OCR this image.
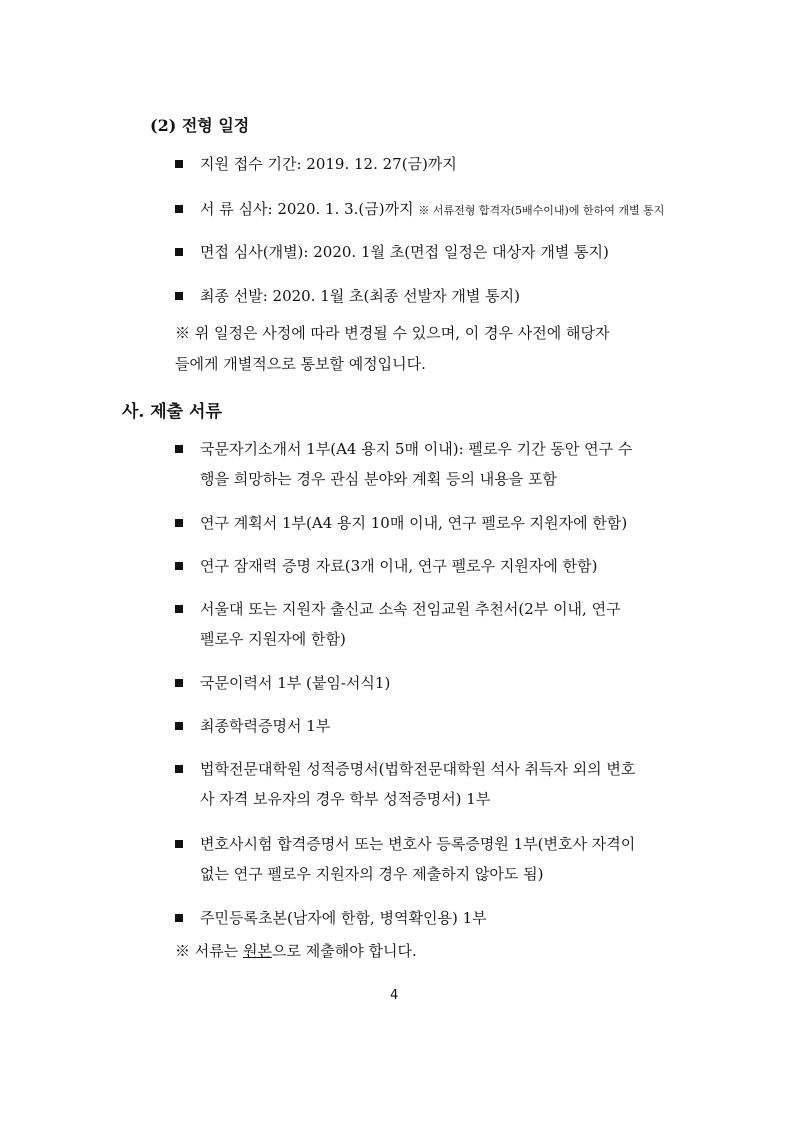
(2) 전형 일정
지원 접수 기간: 2019. 12. 27(금)까지
서 류 심사: 2020. 1. 3.(금)까지 ※ 서류전형 합격자(5배수이내)에 한하여 개별 통지
면접 심사(개별): 2020. 1월 초(면접 일정은 대상자 개별 통지)
최종 선발: 2020. 1월 초(최종 선발자 개별 통지)
※ 위 일정은 사정에 따라 변경될 수 있으며, 이 경우 사전에 해당자
들에게 개별적으로 통보할 예정입니다.
사. 제출 서류
국문자기소개서 1부(A4 용지 5매 이내): 펠로우 기간 동안 연구 수
행을 희망하는 경우 관심 분야와 계획 등의 내용을 포함
연구 계획서 1부(A4 용지 10매 이내, 연구 펠로우 지원자에 한함)
연구 잠재력 증명 자료(3개 이내, 연구 펠로우 지원자에 한함)
서울대 또는 지원자 출신교 소속 전임교원 추천서(2부 이내, 연구
펠로우 지원자에 한함)
국문이력서 1부 (붙임-서식1)
최종학력증명서 1부
법학전문대학원 성적증명서(법학전문대학원 석사 취득자 외의 변호
사 자격 보유자의 경우 학부 성적증명서) 1부
변호사시험 합격증명서 또는 변호사 등록증명원 1부(변호사 자격이
없는 연구 펠로우 지원자의 경우 제출하지 않아도 됨)
주민등록초본(남자에 한함, 병역확인용) 1부
※ 서류는 원본으로 제출해야 합니다.
4
